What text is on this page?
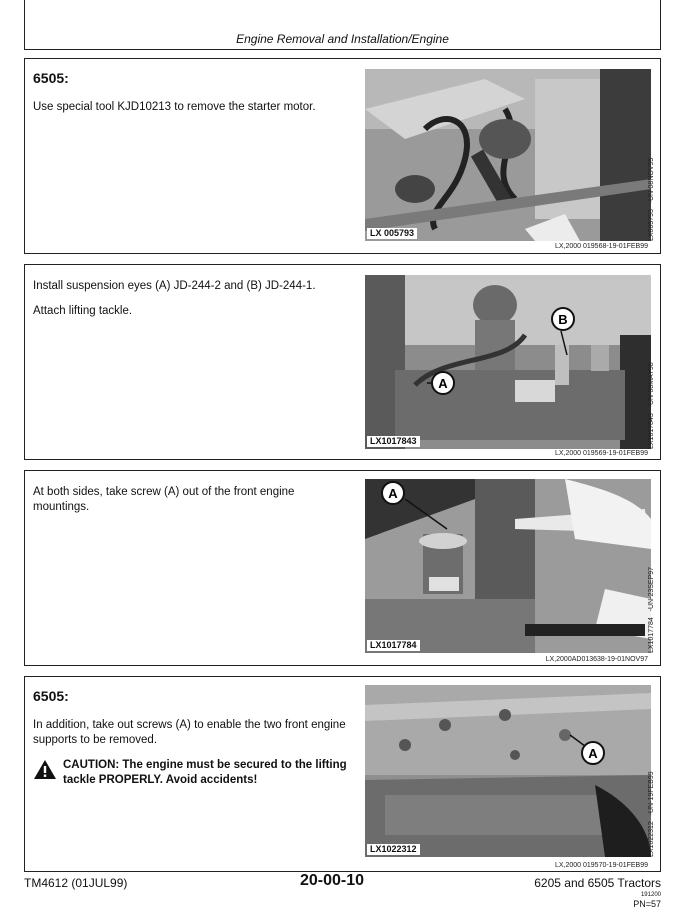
Engine Removal and Installation/Engine
6505:

Use special tool KJD10213 to remove the starter motor.

LX 005793	LX005793   -UN-08NOV95
LX,2000 019568-19-01FEB99

Install suspension eyes (A) JD-244-2 and (B) JD-244-1.

Attach lifting tackle.

A
B
LX1017843	LX1017843   -UN-08MAY98
LX,2000 019569-19-01FEB99

At both sides, take screw (A) out of the front engine mountings.

A
LX1017784	LX1017784   -UN-23SEP97
LX,2000AD013638-19-01NOV97
6505:

In addition, take out screws (A) to enable the two front engine supports to be removed.

CAUTION: The engine must be secured to the lifting tackle PROPERLY. Avoid accidents!
A
LX1022312	LX1022312   -UN-19FEB99
LX,2000 019570-19-01FEB99
TM4612 (01JUL99)	20-00-10	6205 and 6505 Tractors
191200
PN=57
